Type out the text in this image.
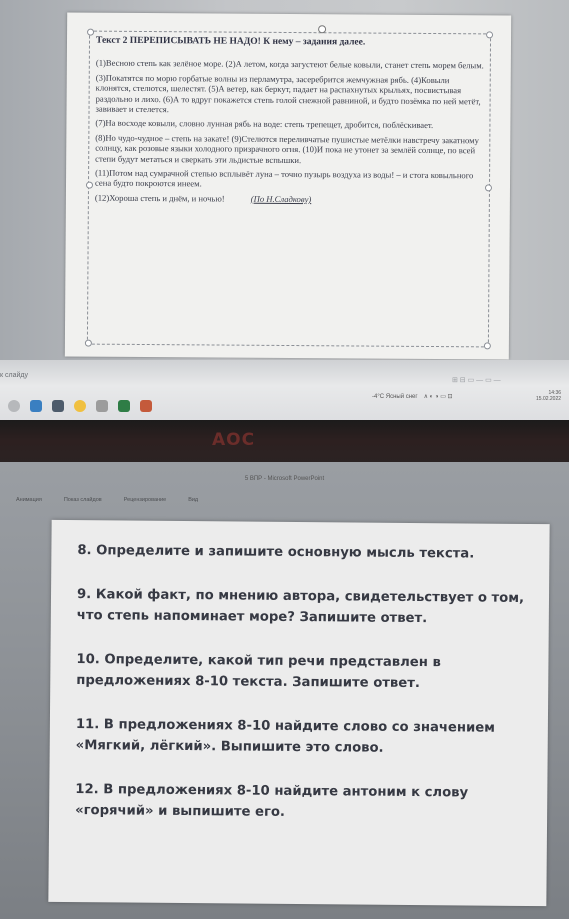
Текст 2 ПЕРЕПИСЫВАТЬ НЕ НАДО! К нему – задания далее.

(1)Весною степь как зелёное море. (2)А летом, когда загустеют белые ковыли, станет степь морем белым.

(3)Покатятся по морю горбатые волны из перламутра, засеребрится жемчужная рябь. (4)Ковыли клонятся, стелются, шелестят. (5)А ветер, как беркут, падает на распахнутых крыльях, посвистывая раздольно и лихо. (6)А то вдруг покажется степь голой снежной равниной, и будто позёмка по ней метёт, завивает и стелется.

(7)На восходе ковыли, словно лунная рябь на воде: степь трепещет, дробится, поблёскивает.

(8)Но чудо-чудное – степь на закате! (9)Стелются переливчатые пушистые метёлки навстречу закатному солнцу, как розовые языки холодного призрачного огня. (10)И пока не утонет за землёй солнце, по всей степи будут метаться и сверкать эти льдистые вспышки.

(11)Потом над сумрачной степью всплывёт луна – точно пузырь воздуха из воды! – и стога ковыльного сена будто покроются инеем.

(12)Хороша степь и днём, и ночью!	(По Н.Сладкову)

к слайду
⊞ ⊟ ▭ — ▭ —
-4°C Ясный снег ∧ ◐ ◑ ▭ ⊡
14:36
15.02.2022
AOC
5 ВПР - Microsoft PowerPoint
Анимация	Показ слайдов	Рецензирование	Вид
8. Определите и запишите основную мысль текста.
9. Какой факт, по мнению автора, свидетельствует о том, что степь напоминает море? Запишите ответ.
10. Определите, какой тип речи представлен в предложениях 8-10 текста. Запишите ответ.
11. В предложениях 8-10 найдите слово со значением «Мягкий, лёгкий». Выпишите это слово.
12. В предложениях 8-10 найдите антоним к слову «горячий» и выпишите его.
